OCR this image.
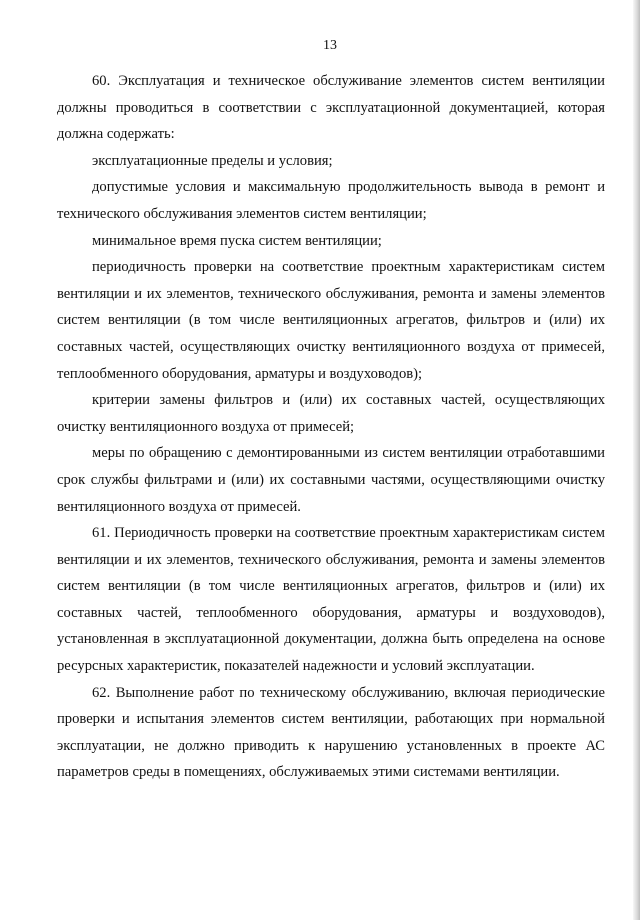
13

60. Эксплуатация и техническое обслуживание элементов систем вентиляции должны проводиться в соответствии с эксплуатационной документацией, которая должна содержать:

эксплуатационные пределы и условия;

допустимые условия и максимальную продолжительность вывода в ремонт и технического обслуживания элементов систем вентиляции;

минимальное время пуска систем вентиляции;

периодичность проверки на соответствие проектным характеристикам систем вентиляции и их элементов, технического обслуживания, ремонта и замены элементов систем вентиляции (в том числе вентиляционных агрегатов, фильтров и (или) их составных частей, осуществляющих очистку вентиляционного воздуха от примесей, теплообменного оборудования, арматуры и воздуховодов);

критерии замены фильтров и (или) их составных частей, осуществляющих очистку вентиляционного воздуха от примесей;

меры по обращению с демонтированными из систем вентиляции отработавшими срок службы фильтрами и (или) их составными частями, осуществляющими очистку вентиляционного воздуха от примесей.

61. Периодичность проверки на соответствие проектным характеристикам систем вентиляции и их элементов, технического обслуживания, ремонта и замены элементов систем вентиляции (в том числе вентиляционных агрегатов, фильтров и (или) их составных частей, теплообменного оборудования, арматуры и воздуховодов), установленная в эксплуатационной документации, должна быть определена на основе ресурсных характеристик, показателей надежности и условий эксплуатации.

62. Выполнение работ по техническому обслуживанию, включая периодические проверки и испытания элементов систем вентиляции, работающих при нормальной эксплуатации, не должно приводить к нарушению установленных в проекте АС параметров среды в помещениях, обслуживаемых этими системами вентиляции.
